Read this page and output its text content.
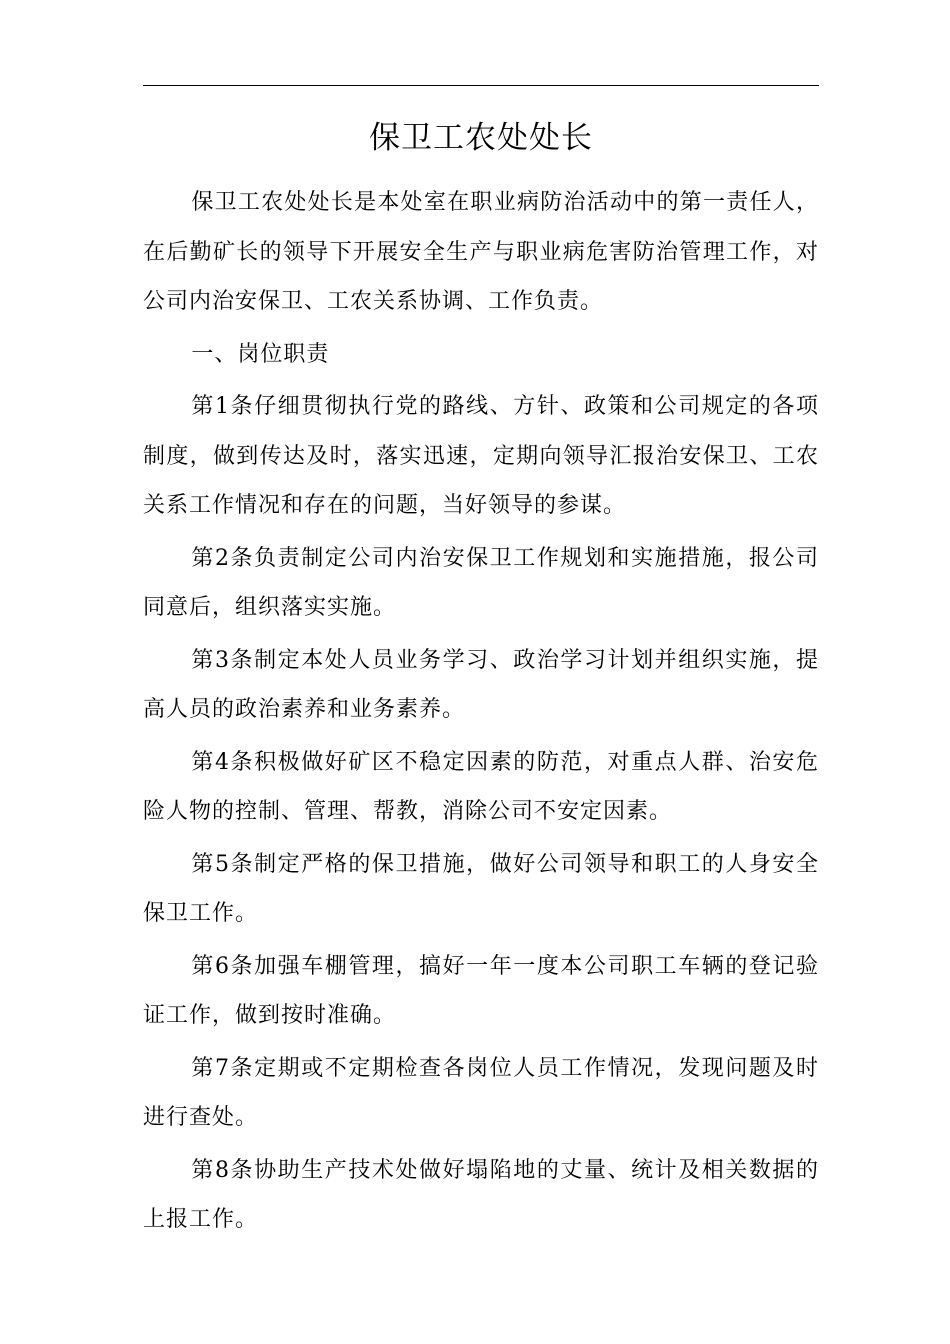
保卫工农处处长

保卫工农处处长是本处室在职业病防治活动中的第一责任人，在后勤矿长的领导下开展安全生产与职业病危害防治管理工作，对公司内治安保卫、工农关系协调、工作负责。

一、岗位职责

第1条仔细贯彻执行党的路线、方针、政策和公司规定的各项制度，做到传达及时，落实迅速，定期向领导汇报治安保卫、工农关系工作情况和存在的问题，当好领导的参谋。

第2条负责制定公司内治安保卫工作规划和实施措施，报公司同意后，组织落实实施。

第3条制定本处人员业务学习、政治学习计划并组织实施，提高人员的政治素养和业务素养。

第4条积极做好矿区不稳定因素的防范，对重点人群、治安危险人物的控制、管理、帮教，消除公司不安定因素。

第5条制定严格的保卫措施，做好公司领导和职工的人身安全保卫工作。

第6条加强车棚管理，搞好一年一度本公司职工车辆的登记验证工作，做到按时准确。

第7条定期或不定期检查各岗位人员工作情况，发现问题及时进行查处。

第8条协助生产技术处做好塌陷地的丈量、统计及相关数据的上报工作。
